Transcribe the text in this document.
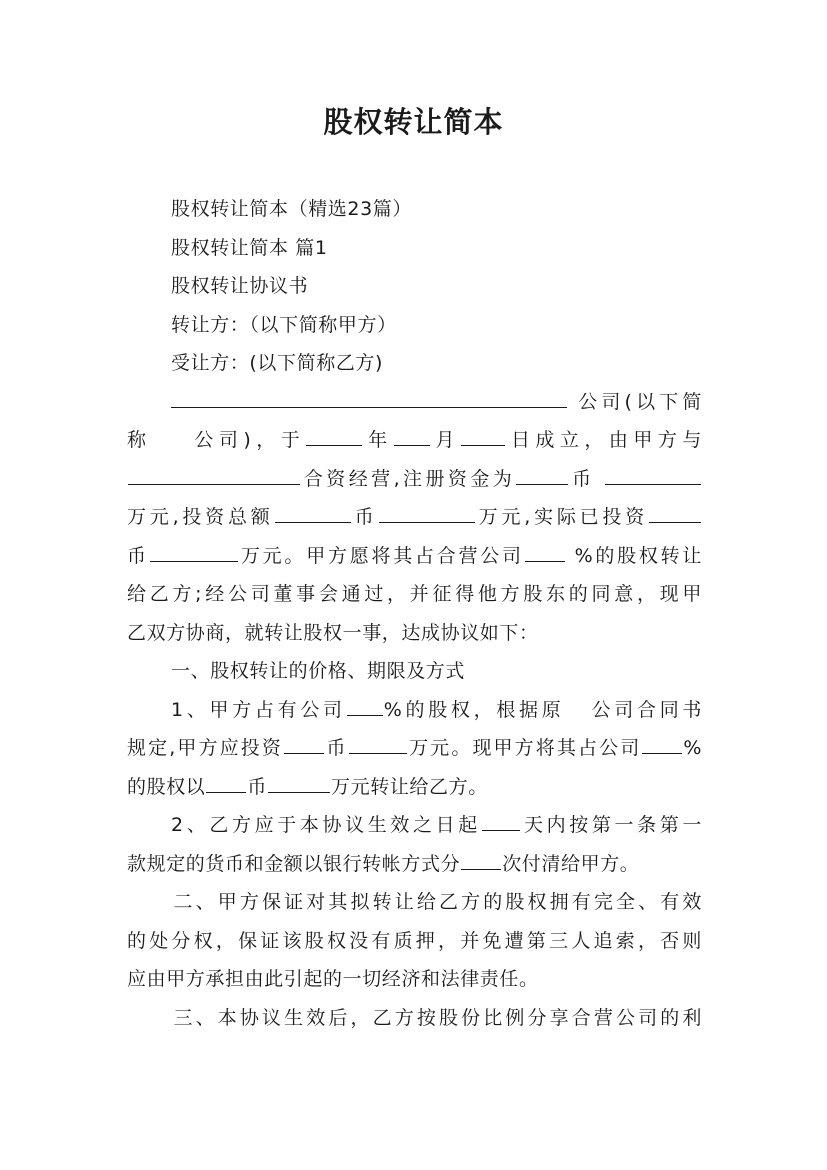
股权转让简本
股权转让简本（精选23篇）
股权转让简本 篇1
股权转让协议书
转让方：（以下简称甲方）
受让方：(以下简称乙方)
公司(以下简
称 公司)，于	年 月 日成立，由甲方与
合资经营,注册资金为	币
万元,投资总额	币	万元,实际已投资
币	万元。甲方愿将其占合营公司	%的股权转让
给乙方;经公司董事会通过，并征得他方股东的同意，现甲
乙双方协商，就转让股权一事，达成协议如下：
一、股权转让的价格、期限及方式
1、甲方占有公司 %的股权，根据原 公司合同书
规定,甲方应投资 币	万元。现甲方将其占公司 %
的股权以 币	万元转让给乙方。
2、乙方应于本协议生效之日起 天内按第一条第一
款规定的货币和金额以银行转帐方式分 次付清给甲方。
二、甲方保证对其拟转让给乙方的股权拥有完全、有效
的处分权，保证该股权没有质押，并免遭第三人追索，否则
应由甲方承担由此引起的一切经济和法律责任。
三、本协议生效后，乙方按股份比例分享合营公司的利
